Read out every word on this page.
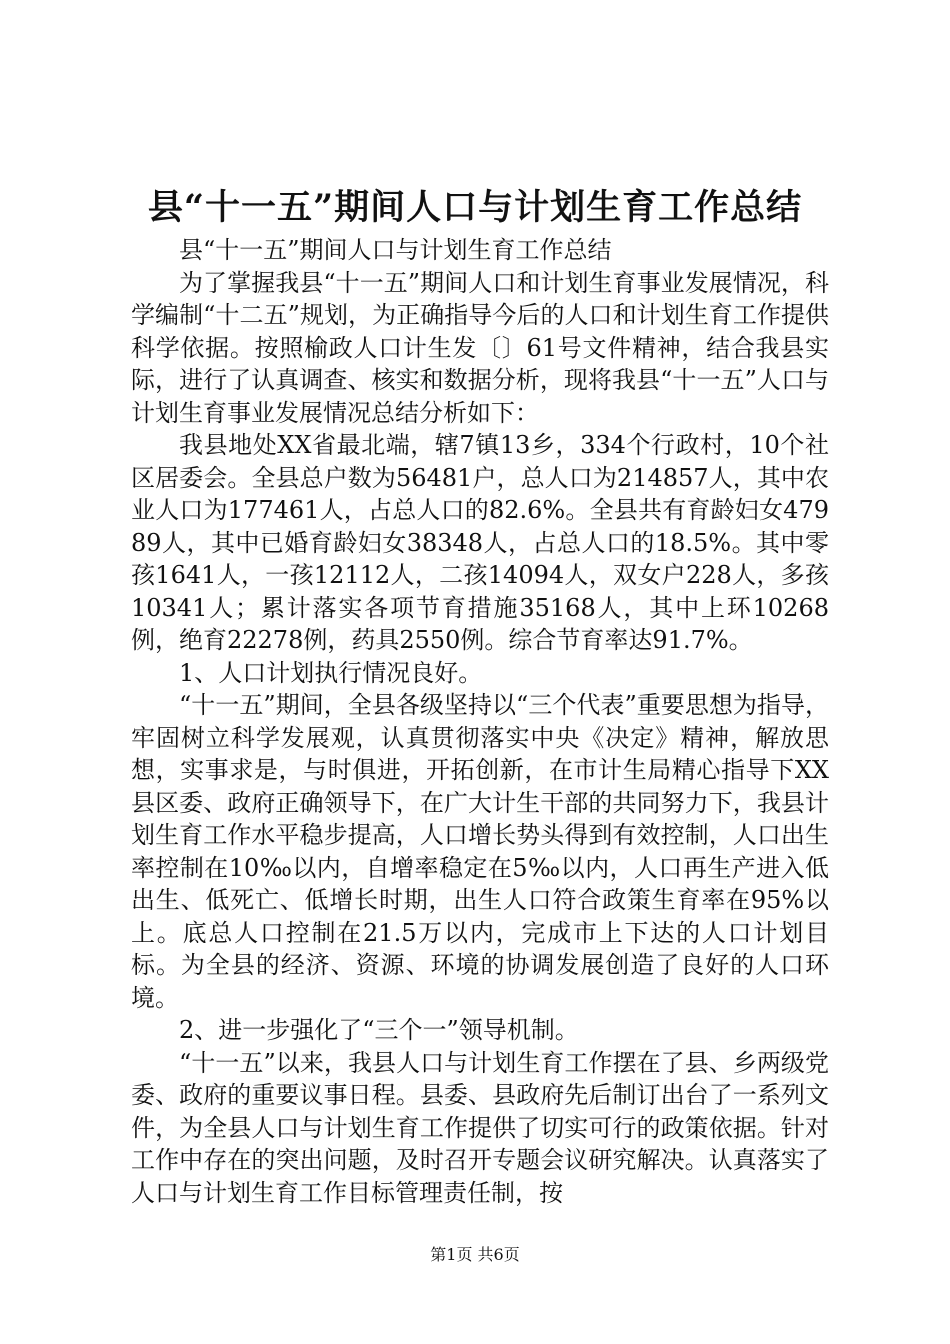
县“十一五”期间人口与计划生育工作总结

县“十一五”期间人口与计划生育工作总结

为了掌握我县“十一五”期间人口和计划生育事业发展情况，科学编制“十二五”规划，为正确指导今后的人口和计划生育工作提供科学依据。按照榆政人口计生发〔〕61号文件精神，结合我县实际，进行了认真调查、核实和数据分析，现将我县“十一五”人口与计划生育事业发展情况总结分析如下：

我县地处XX省最北端，辖7镇13乡，334个行政村，10个社区居委会。全县总户数为56481户，总人口为214857人，其中农业人口为177461人，占总人口的82.6%。全县共有育龄妇女47989人，其中已婚育龄妇女38348人，占总人口的18.5%。其中零孩1641人，一孩12112人，二孩14094人，双女户228人，多孩10341人；累计落实各项节育措施35168人，其中上环10268例，绝育22278例，药具2550例。综合节育率达91.7%。

1、人口计划执行情况良好。

“十一五”期间，全县各级坚持以“三个代表”重要思想为指导，牢固树立科学发展观，认真贯彻落实中央《决定》精神，解放思想，实事求是，与时俱进，开拓创新，在市计生局精心指导下XX县区委、政府正确领导下，在广大计生干部的共同努力下，我县计划生育工作水平稳步提高，人口增长势头得到有效控制，人口出生率控制在10‰以内，自增率稳定在5‰以内，人口再生产进入低出生、低死亡、低增长时期，出生人口符合政策生育率在95%以上。底总人口控制在21.5万以内，完成市上下达的人口计划目标。为全县的经济、资源、环境的协调发展创造了良好的人口环境。

2、进一步强化了“三个一”领导机制。

“十一五”以来，我县人口与计划生育工作摆在了县、乡两级党委、政府的重要议事日程。县委、县政府先后制订出台了一系列文件，为全县人口与计划生育工作提供了切实可行的政策依据。针对工作中存在的突出问题，及时召开专题会议研究解决。认真落实了人口与计划生育工作目标管理责任制，按

第1页 共6页
